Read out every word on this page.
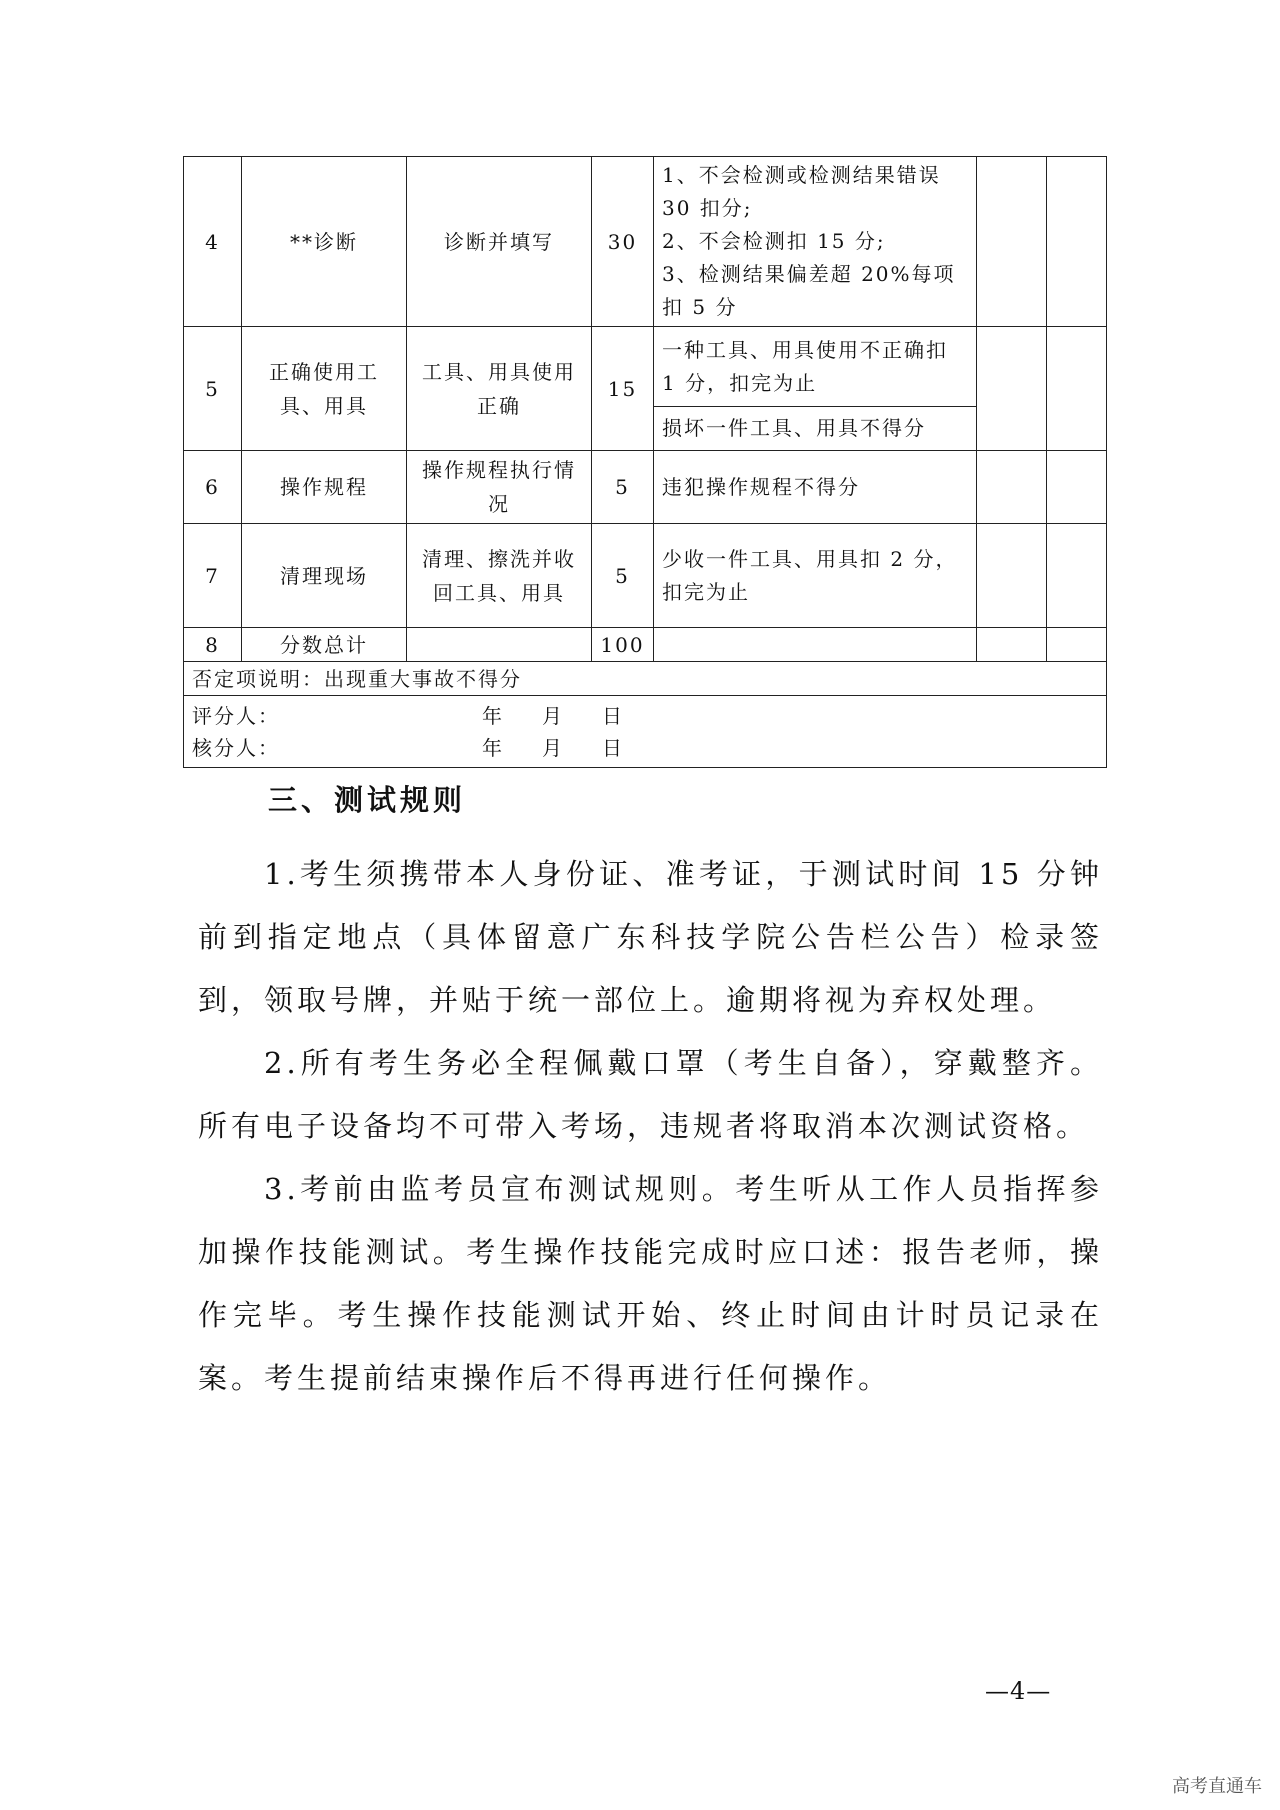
4	**诊断	诊断并填写	30	1、不会检测或检测结果错误 30 扣分;
2、不会检测扣 15 分;
3、检测结果偏差超 20%每项扣 5 分		

5	正确使用工具、用具	工具、用具使用正确	15	一种工具、用具使用不正确扣 1 分，扣完为止		
				损坏一件工具、用具不得分		
6	操作规程	操作规程执行情况	5	违犯操作规程不得分		
7	清理现场	清理、擦洗并收回工具、用具	5	少收一件工具、用具扣 2 分，扣完为止		
8	分数总计		100			
否定项说明：出现重大事故不得分						

评分人： 年 月 日
核分人： 年 月 日						
三、测试规则

1.考生须携带本人身份证、准考证，于测试时间 15 分钟前到指定地点（具体留意广东科技学院公告栏公告）检录签到，领取号牌，并贴于统一部位上。逾期将视为弃权处理。

2.所有考生务必全程佩戴口罩（考生自备），穿戴整齐。所有电子设备均不可带入考场，违规者将取消本次测试资格。

3.考前由监考员宣布测试规则。考生听从工作人员指挥参加操作技能测试。考生操作技能完成时应口述：报告老师，操作完毕。考生操作技能测试开始、终止时间由计时员记录在案。考生提前结束操作后不得再进行任何操作。

—4—
高考直通车
